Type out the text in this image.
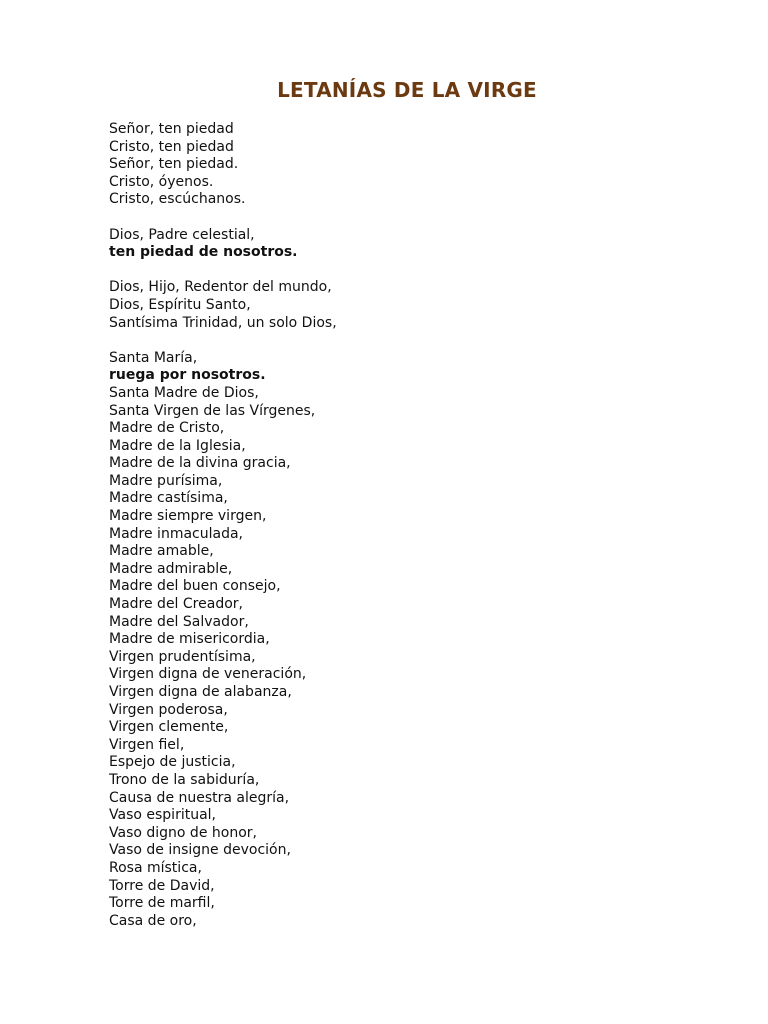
LETANÍAS DE LA VIRGE
Señor, ten piedad
Cristo, ten piedad
Señor, ten piedad.
Cristo, óyenos.
Cristo, escúchanos.
Dios, Padre celestial,
ten piedad de nosotros.
Dios, Hijo, Redentor del mundo,
Dios, Espíritu Santo,
Santísima Trinidad, un solo Dios,
Santa María,
ruega por nosotros.
Santa Madre de Dios,
Santa Virgen de las Vírgenes,
Madre de Cristo,
Madre de la Iglesia,
Madre de la divina gracia,
Madre purísima,
Madre castísima,
Madre siempre virgen,
Madre inmaculada,
Madre amable,
Madre admirable,
Madre del buen consejo,
Madre del Creador,
Madre del Salvador,
Madre de misericordia,
Virgen prudentísima,
Virgen digna de veneración,
Virgen digna de alabanza,
Virgen poderosa,
Virgen clemente,
Virgen fiel,
Espejo de justicia,
Trono de la sabiduría,
Causa de nuestra alegría,
Vaso espiritual,
Vaso digno de honor,
Vaso de insigne devoción,
Rosa mística,
Torre de David,
Torre de marfil,
Casa de oro,
